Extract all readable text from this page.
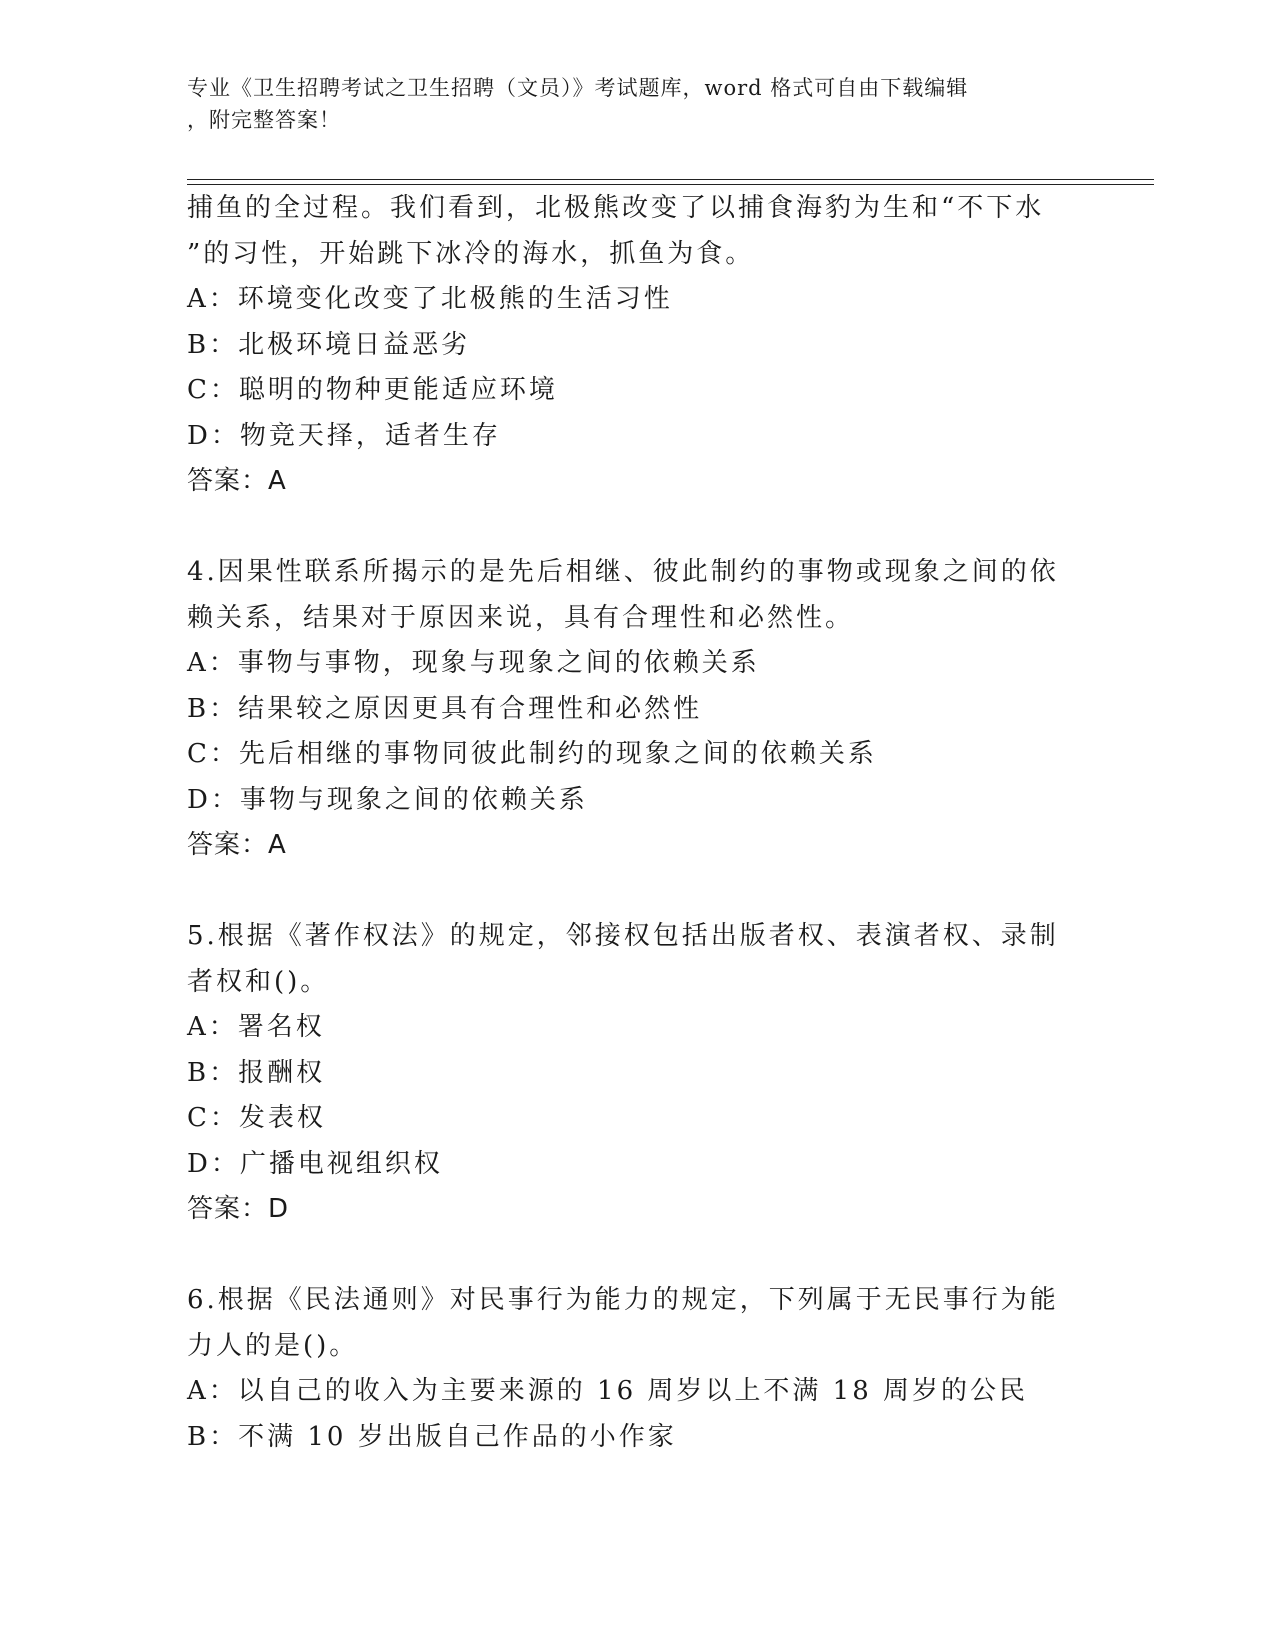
专业《卫生招聘考试之卫生招聘（文员）》考试题库，word 格式可自由下载编辑
，附完整答案！
捕鱼的全过程。我们看到，北极熊改变了以捕食海豹为生和“不下水
”的习性，开始跳下冰冷的海水，抓鱼为食。
A：环境变化改变了北极熊的生活习性
B：北极环境日益恶劣
C：聪明的物种更能适应环境
D：物竞天择，适者生存
答案：A
4.因果性联系所揭示的是先后相继、彼此制约的事物或现象之间的依
赖关系，结果对于原因来说，具有合理性和必然性。
A：事物与事物，现象与现象之间的依赖关系
B：结果较之原因更具有合理性和必然性
C：先后相继的事物同彼此制约的现象之间的依赖关系
D：事物与现象之间的依赖关系
答案：A
5.根据《著作权法》的规定，邻接权包括出版者权、表演者权、录制
者权和()。
A：署名权
B：报酬权
C：发表权
D：广播电视组织权
答案：D
6.根据《民法通则》对民事行为能力的规定，下列属于无民事行为能
力人的是()。
A：以自己的收入为主要来源的 16 周岁以上不满 18 周岁的公民
B：不满 10 岁出版自己作品的小作家
